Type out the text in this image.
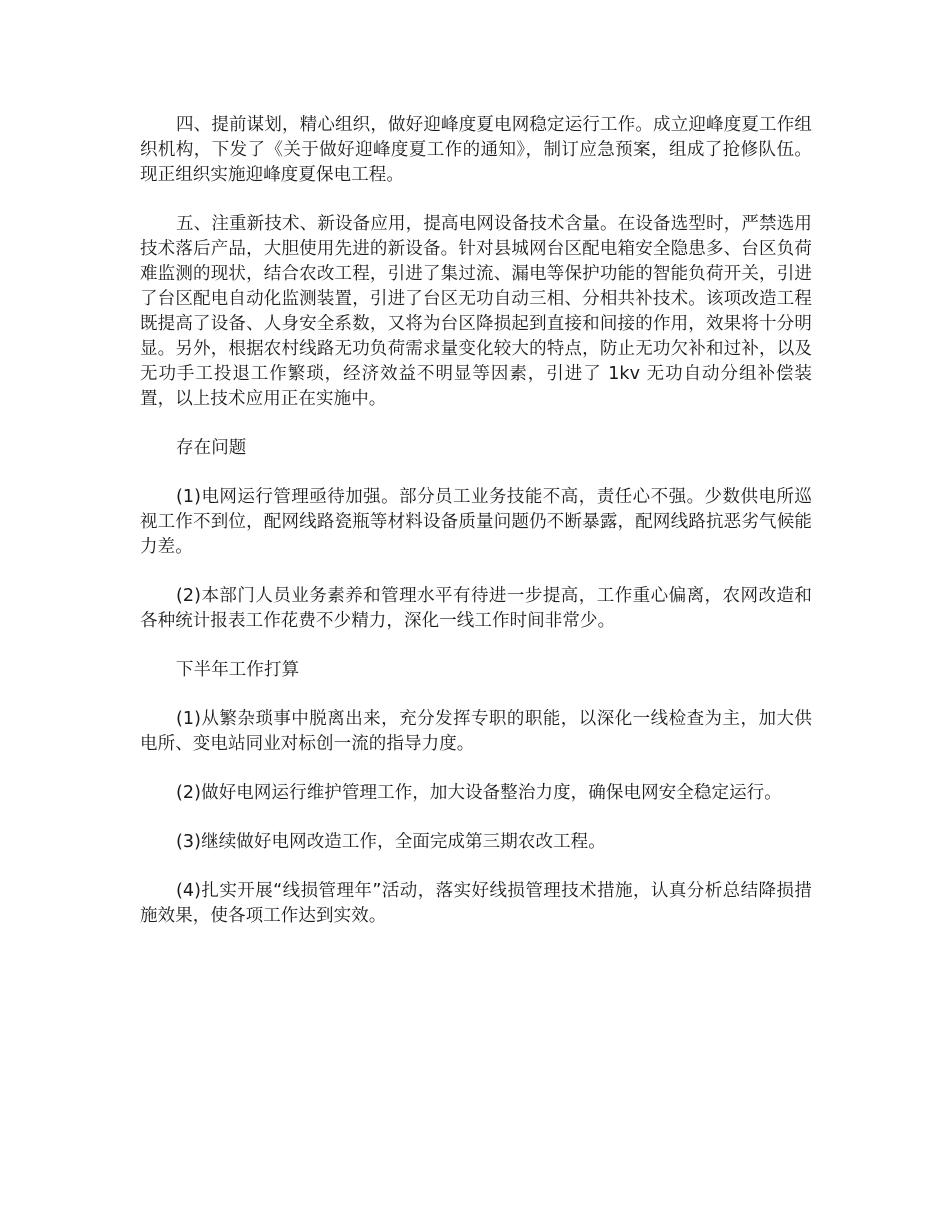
四、提前谋划，精心组织，做好迎峰度夏电网稳定运行工作。成立迎峰度夏工作组织机构，下发了《关于做好迎峰度夏工作的通知》，制订应急预案，组成了抢修队伍。现正组织实施迎峰度夏保电工程。

五、注重新技术、新设备应用，提高电网设备技术含量。在设备选型时，严禁选用技术落后产品，大胆使用先进的新设备。针对县城网台区配电箱安全隐患多、台区负荷难监测的现状，结合农改工程，引进了集过流、漏电等保护功能的智能负荷开关，引进了台区配电自动化监测装置，引进了台区无功自动三相、分相共补技术。该项改造工程既提高了设备、人身安全系数，又将为台区降损起到直接和间接的作用，效果将十分明显。另外，根据农村线路无功负荷需求量变化较大的特点，防止无功欠补和过补，以及无功手工投退工作繁琐，经济效益不明显等因素，引进了 1kv 无功自动分组补偿装置，以上技术应用正在实施中。

存在问题

(1)电网运行管理亟待加强。部分员工业务技能不高，责任心不强。少数供电所巡视工作不到位，配网线路瓷瓶等材料设备质量问题仍不断暴露，配网线路抗恶劣气候能力差。

(2)本部门人员业务素养和管理水平有待进一步提高，工作重心偏离，农网改造和各种统计报表工作花费不少精力，深化一线工作时间非常少。

下半年工作打算

(1)从繁杂琐事中脱离出来，充分发挥专职的职能，以深化一线检查为主，加大供电所、变电站同业对标创一流的指导力度。

(2)做好电网运行维护管理工作，加大设备整治力度，确保电网安全稳定运行。

(3)继续做好电网改造工作，全面完成第三期农改工程。

(4)扎实开展“线损管理年”活动，落实好线损管理技术措施，认真分析总结降损措施效果，使各项工作达到实效。
